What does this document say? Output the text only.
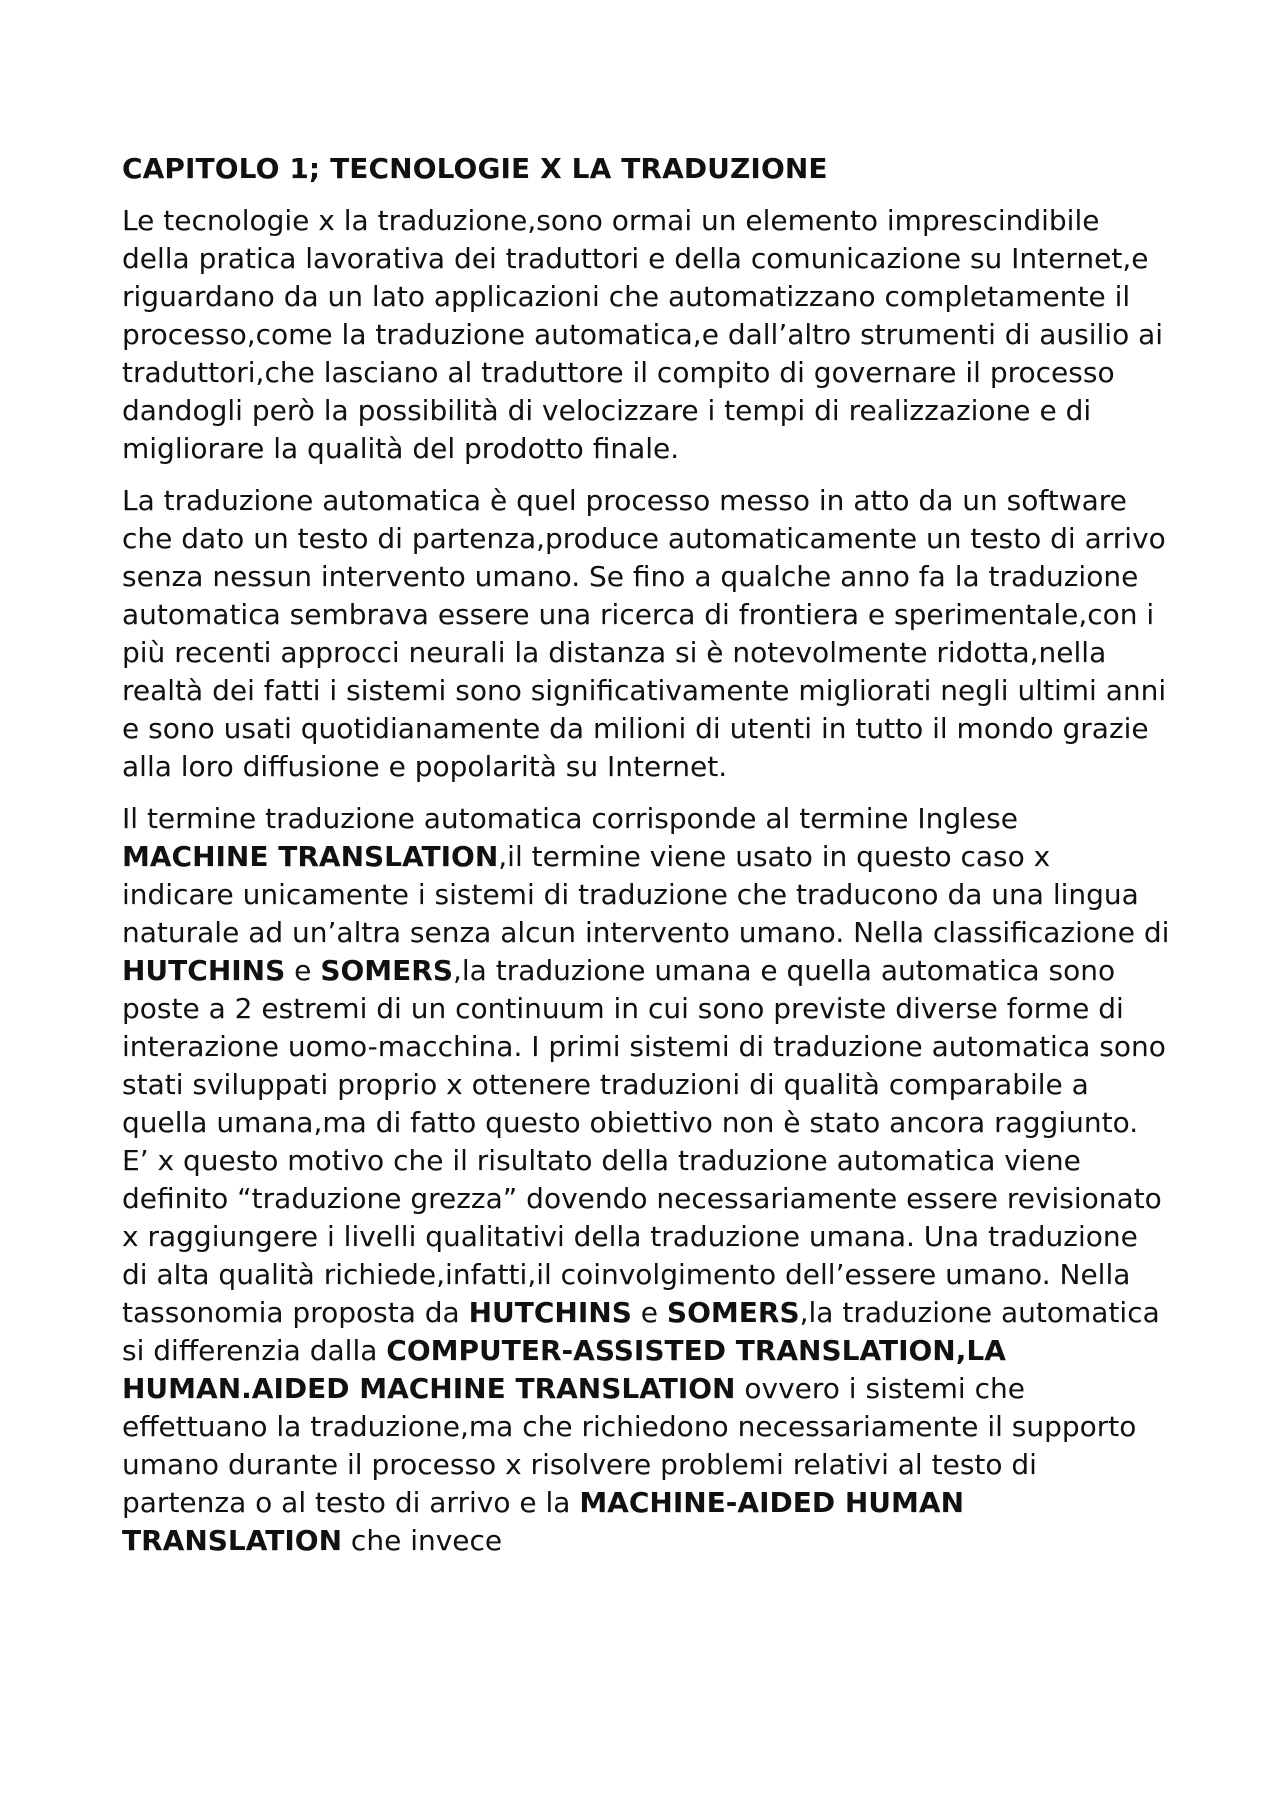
CAPITOLO 1; TECNOLOGIE X LA TRADUZIONE

Le tecnologie x la traduzione,sono ormai un elemento imprescindibile della pratica lavorativa dei traduttori e della comunicazione su Internet,e riguardano da un lato applicazioni che automatizzano completamente il processo,come la traduzione automatica,e dall’altro strumenti di ausilio ai traduttori,che lasciano al traduttore il compito di governare il processo dandogli però la possibilità di velocizzare i tempi di realizzazione e di migliorare la qualità del prodotto finale.

La traduzione automatica è quel processo messo in atto da un software che dato un testo di partenza,produce automaticamente un testo di arrivo senza nessun intervento umano. Se fino a qualche anno fa la traduzione automatica sembrava essere una ricerca di frontiera e sperimentale,con i più recenti approcci neurali la distanza si è notevolmente ridotta,nella realtà dei fatti i sistemi sono significativamente migliorati negli ultimi anni e sono usati quotidianamente da milioni di utenti in tutto il mondo grazie alla loro diffusione e popolarità su Internet.

Il termine traduzione automatica corrisponde al termine Inglese MACHINE TRANSLATION,il termine viene usato in questo caso x indicare unicamente i sistemi di traduzione che traducono da una lingua naturale ad un’altra senza alcun intervento umano. Nella classificazione di HUTCHINS e SOMERS,la traduzione umana e quella automatica sono poste a 2 estremi di un continuum in cui sono previste diverse forme di interazione uomo-macchina. I primi sistemi di traduzione automatica sono stati sviluppati proprio x ottenere traduzioni di qualità comparabile a quella umana,ma di fatto questo obiettivo non è stato ancora raggiunto. E’ x questo motivo che il risultato della traduzione automatica viene definito “traduzione grezza” dovendo necessariamente essere revisionato x raggiungere i livelli qualitativi della traduzione umana. Una traduzione di alta qualità richiede,infatti,il coinvolgimento dell’essere umano. Nella tassonomia proposta da HUTCHINS e SOMERS,la traduzione automatica si differenzia dalla COMPUTER-ASSISTED TRANSLATION,LA HUMAN.AIDED MACHINE TRANSLATION ovvero i sistemi che effettuano la traduzione,ma che richiedono necessariamente il supporto umano durante il processo x risolvere problemi relativi al testo di partenza o al testo di arrivo e la MACHINE-AIDED HUMAN TRANSLATION che invece
